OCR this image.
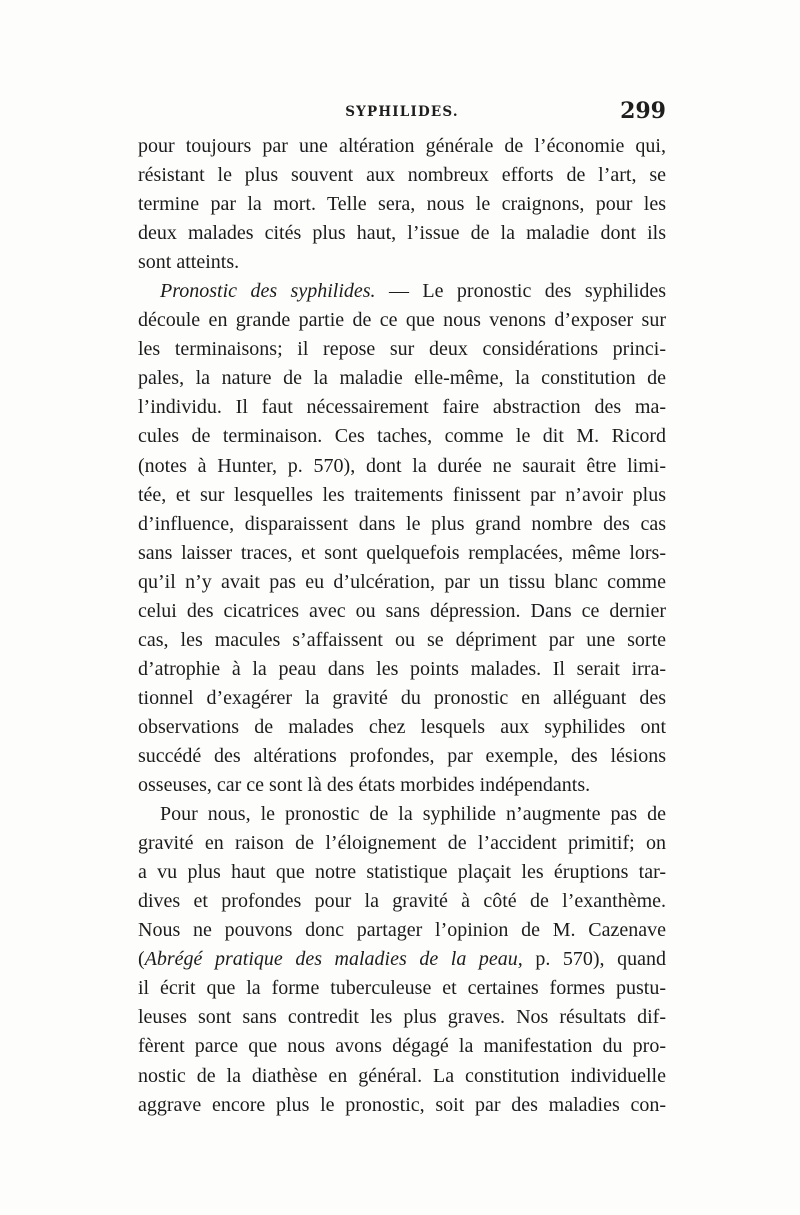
SYPHILIDES.	299
pour toujours par une altération générale de l’économie qui,
résistant le plus souvent aux nombreux efforts de l’art, se
termine par la mort. Telle sera, nous le craignons, pour les
deux malades cités plus haut, l’issue de la maladie dont ils
sont atteints.
Pronostic des syphilides. — Le pronostic des syphilides
découle en grande partie de ce que nous venons d’exposer sur
les terminaisons; il repose sur deux considérations princi-
pales, la nature de la maladie elle-même, la constitution de
l’individu. Il faut nécessairement faire abstraction des ma-
cules de terminaison. Ces taches, comme le dit M. Ricord
(notes à Hunter, p. 570), dont la durée ne saurait être limi-
tée, et sur lesquelles les traitements finissent par n’avoir plus
d’influence, disparaissent dans le plus grand nombre des cas
sans laisser traces, et sont quelquefois remplacées, même lors-
qu’il n’y avait pas eu d’ulcération, par un tissu blanc comme
celui des cicatrices avec ou sans dépression. Dans ce dernier
cas, les macules s’affaissent ou se dépriment par une sorte
d’atrophie à la peau dans les points malades. Il serait irra-
tionnel d’exagérer la gravité du pronostic en alléguant des
observations de malades chez lesquels aux syphilides ont
succédé des altérations profondes, par exemple, des lésions
osseuses, car ce sont là des états morbides indépendants.
Pour nous, le pronostic de la syphilide n’augmente pas de
gravité en raison de l’éloignement de l’accident primitif; on
a vu plus haut que notre statistique plaçait les éruptions tar-
dives et profondes pour la gravité à côté de l’exanthème.
Nous ne pouvons donc partager l’opinion de M. Cazenave
(Abrégé pratique des maladies de la peau, p. 570), quand
il écrit que la forme tuberculeuse et certaines formes pustu-
leuses sont sans contredit les plus graves. Nos résultats dif-
fèrent parce que nous avons dégagé la manifestation du pro-
nostic de la diathèse en général. La constitution individuelle
aggrave encore plus le pronostic, soit par des maladies con-
